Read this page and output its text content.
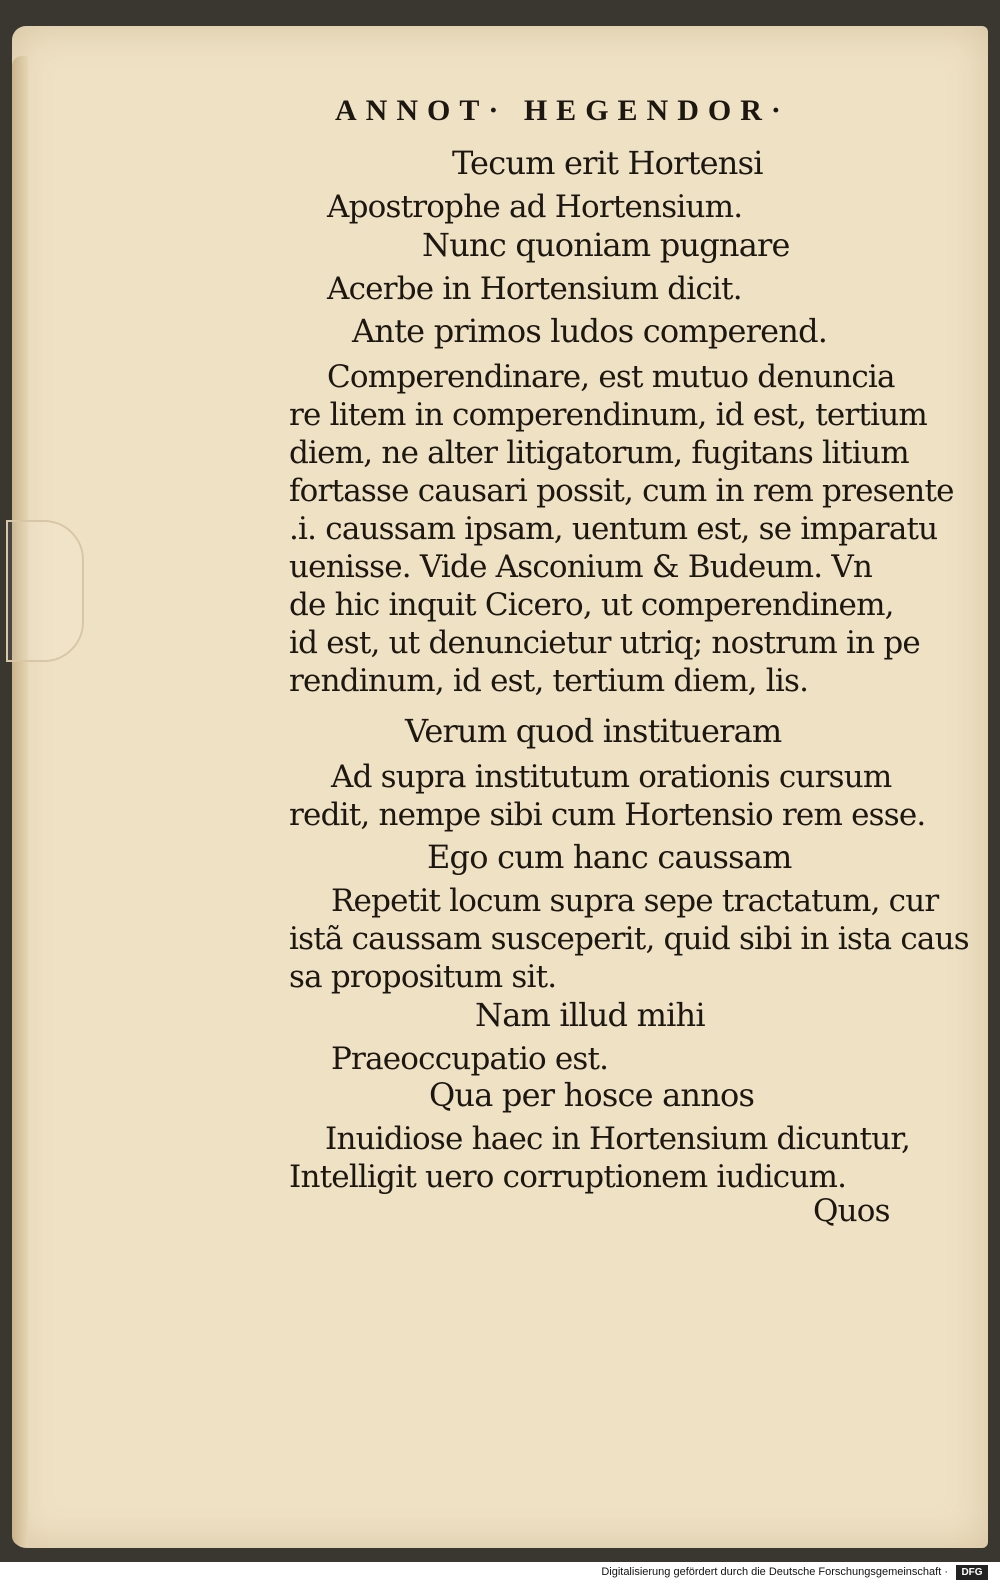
ANNOT· HEGENDOR·
Tecum erit Hortensi
Apostrophe ad Hortensium.
Nunc quoniam pugnare
Acerbe in Hortensium dicit.
Ante primos ludos comperend.
Comperendinare, est mutuo denuncia
re litem in comperendinum, id est, tertium
diem, ne alter litigatorum, fugitans litium
fortasse causari possit, cum in rem presente
.i. caussam ipsam, uentum est, se imparatu
uenisse. Vide Asconium & Budeum. Vn
de hic inquit Cicero, ut comperendinem,
id est, ut denuncietur utriq; nostrum in pe
rendinum, id est, tertium diem, lis.
Verum quod institueram
Ad supra institutum orationis cursum
redit, nempe sibi cum Hortensio rem esse.
Ego cum hanc caussam
Repetit locum supra sepe tractatum, cur
istã caussam susceperit, quid sibi in ista caus
sa propositum sit.
Nam illud mihi
Praeoccupatio est.
Qua per hosce annos
Inuidiose haec in Hortensium dicuntur,
Intelligit uero corruptionem iudicum.
Quos
Digitalisierung gefördert durch die Deutsche Forschungsgemeinschaft ·	DFG
